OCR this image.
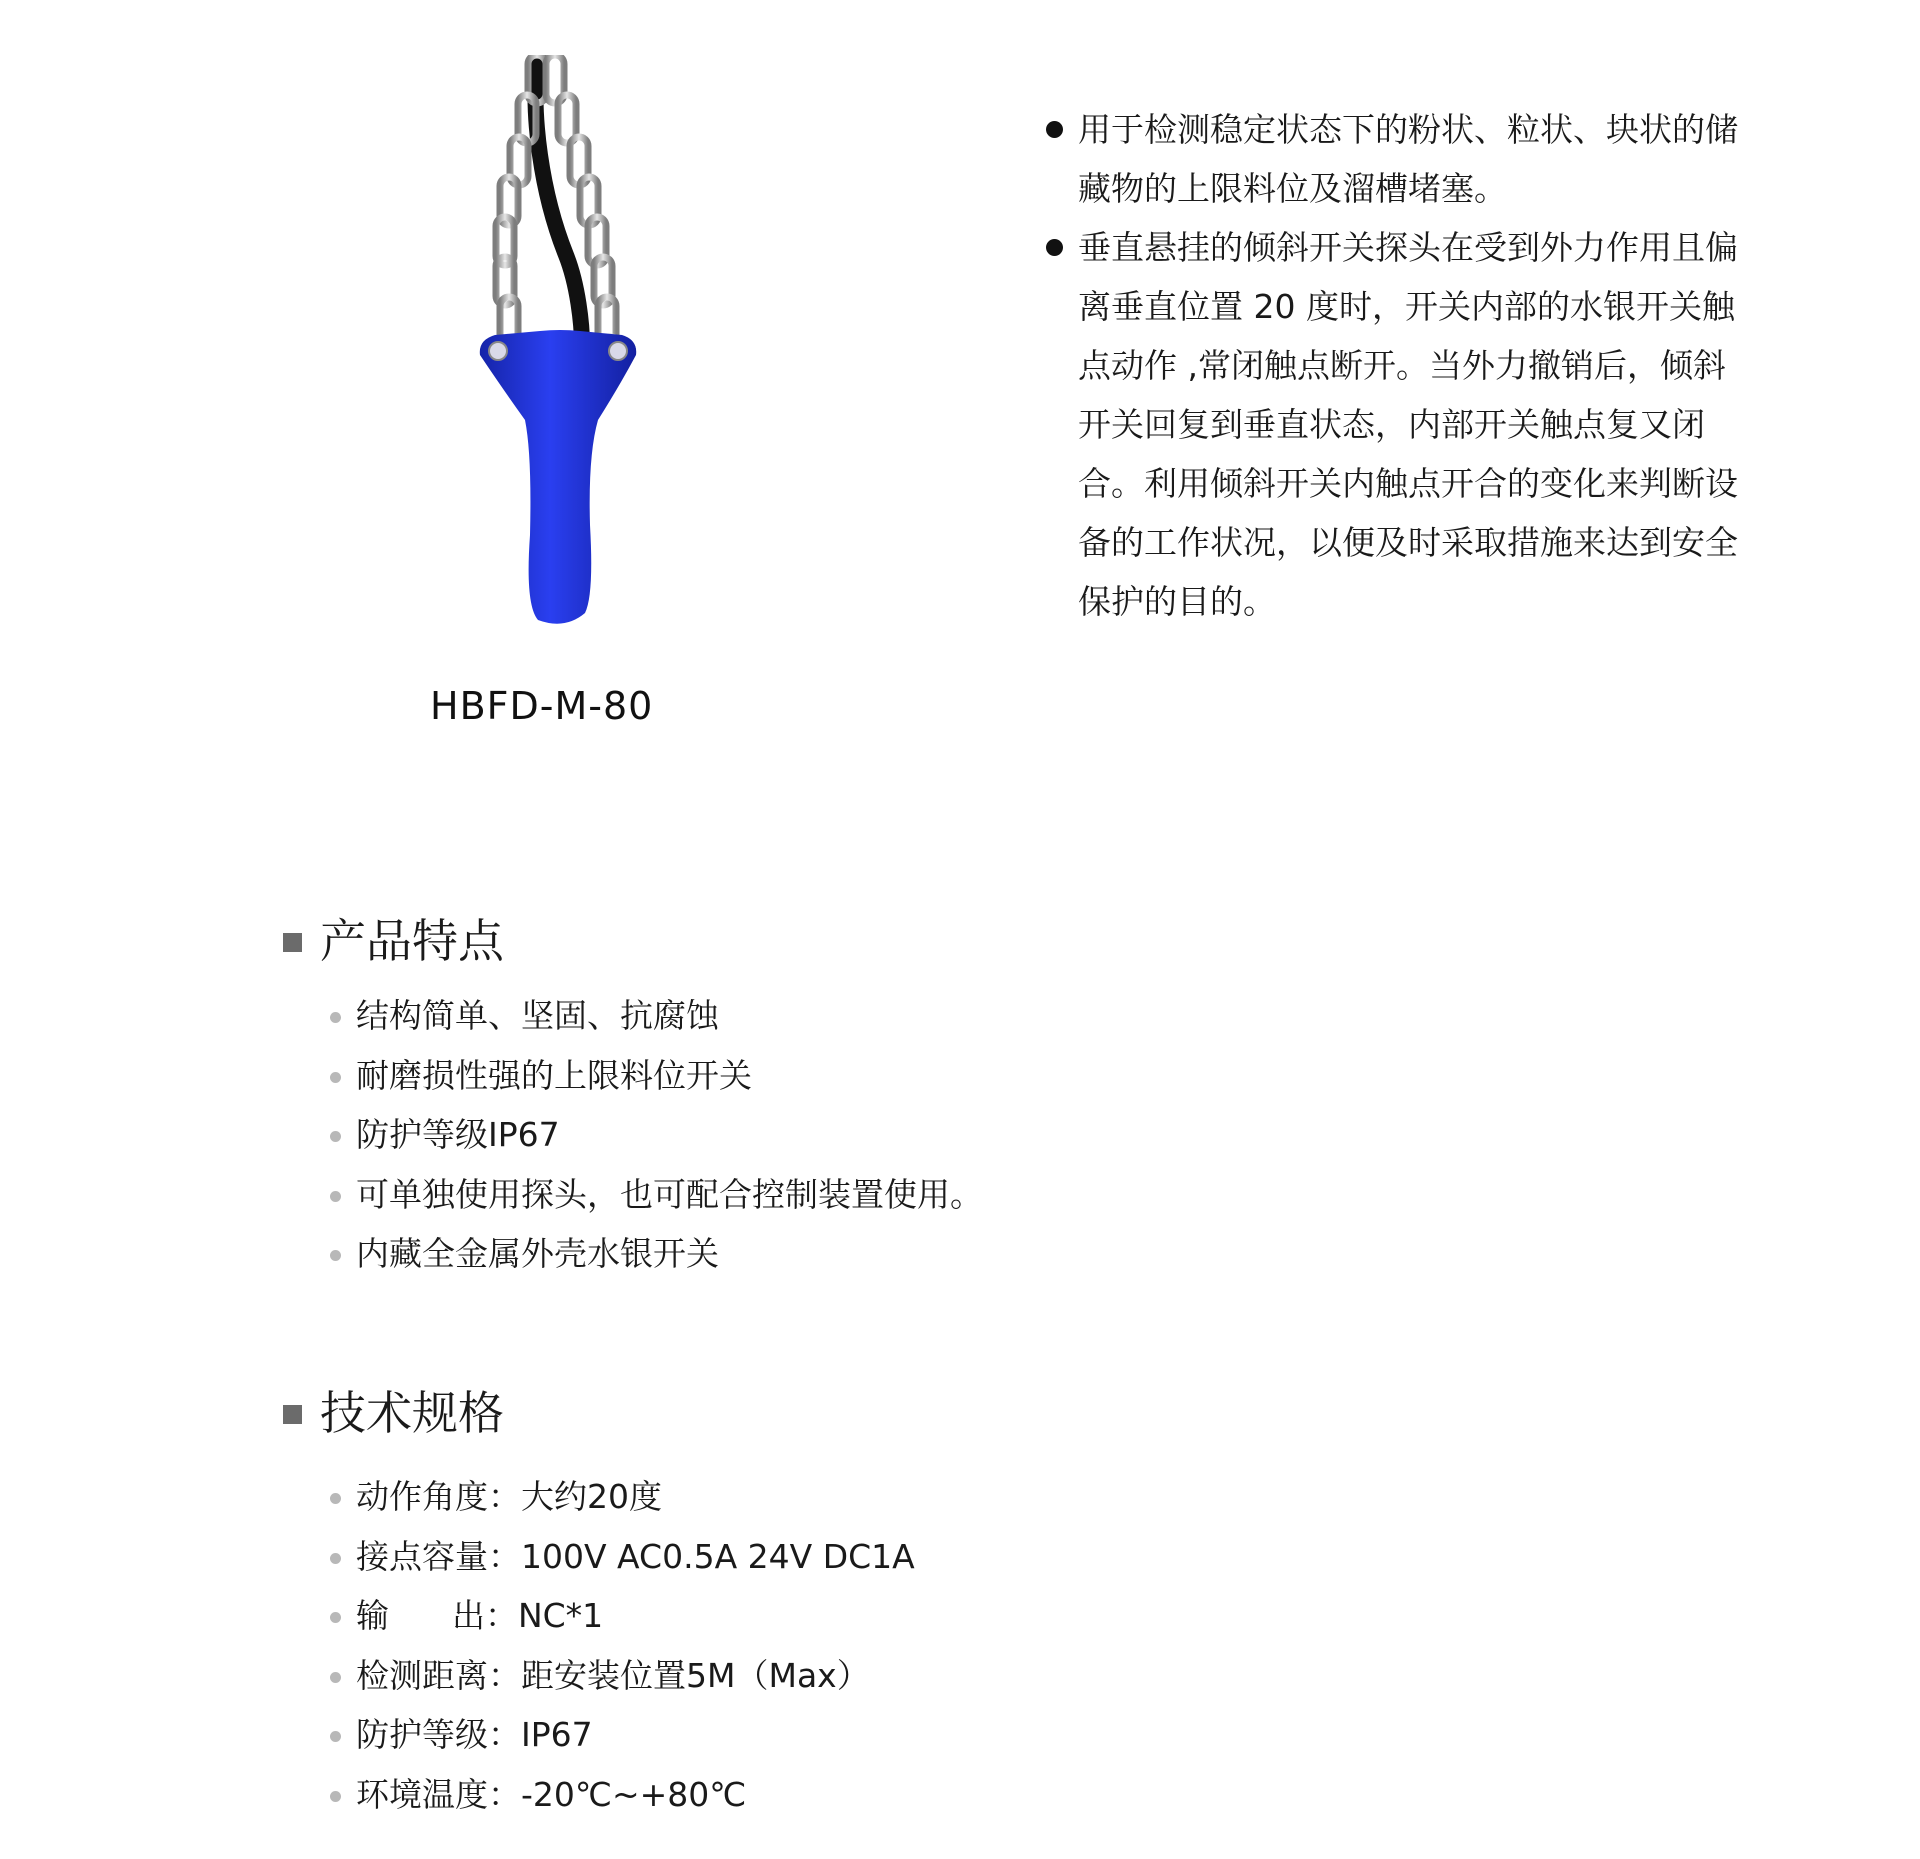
HBFD-M-80
用于检测稳定状态下的粉状、粒状、块状的储藏物的上限料位及溜槽堵塞。
垂直悬挂的倾斜开关探头在受到外力作用且偏离垂直位置 20 度时，开关内部的水银开关触点动作 ,常闭触点断开。当外力撤销后，倾斜开关回复到垂直状态，内部开关触点复又闭合。利用倾斜开关内触点开合的变化来判断设备的工作状况，以便及时采取措施来达到安全保护的目的。
产品特点
结构简单、坚固、抗腐蚀
耐磨损性强的上限料位开关
防护等级IP67
可单独使用探头，也可配合控制装置使用。
内藏全金属外壳水银开关
技术规格
动作角度：大约20度
接点容量：100V AC0.5A 24V DC1A
输      出：NC*1
检测距离：距安装位置5M（Max）
防护等级：IP67
环境温度：-20℃~+80℃
